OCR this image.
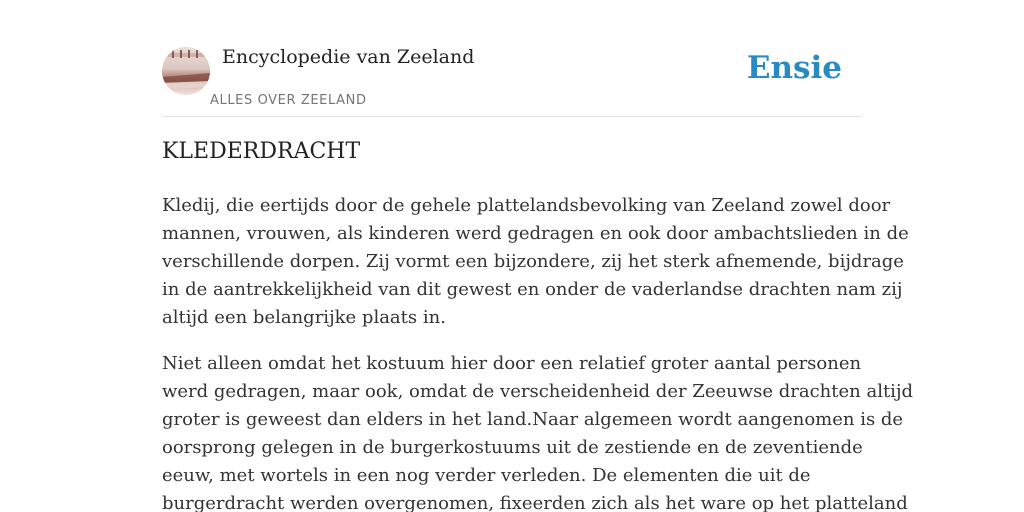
Encyclopedie van Zeeland
ALLES OVER ZEELAND
Ensie
KLEDERDRACHT

Kledij, die eertijds door de gehele plattelandsbevolking van Zeeland zowel door
mannen, vrouwen, als kinderen werd gedragen en ook door ambachtslieden in de
verschillende dorpen. Zij vormt een bijzondere, zij het sterk afnemende, bijdrage
in de aantrekkelijkheid van dit gewest en onder de vaderlandse drachten nam zij
altijd een belangrijke plaats in.

Niet alleen omdat het kostuum hier door een relatief groter aantal personen
werd gedragen, maar ook, omdat de verscheidenheid der Zeeuwse drachten altijd
groter is geweest dan elders in het land.Naar algemeen wordt aangenomen is de
oorsprong gelegen in de burgerkostuums uit de zestiende en de zeventiende
eeuw, met wortels in een nog verder verleden. De elementen die uit de
burgerdracht werden overgenomen, fixeerden zich als het ware op het platteland
